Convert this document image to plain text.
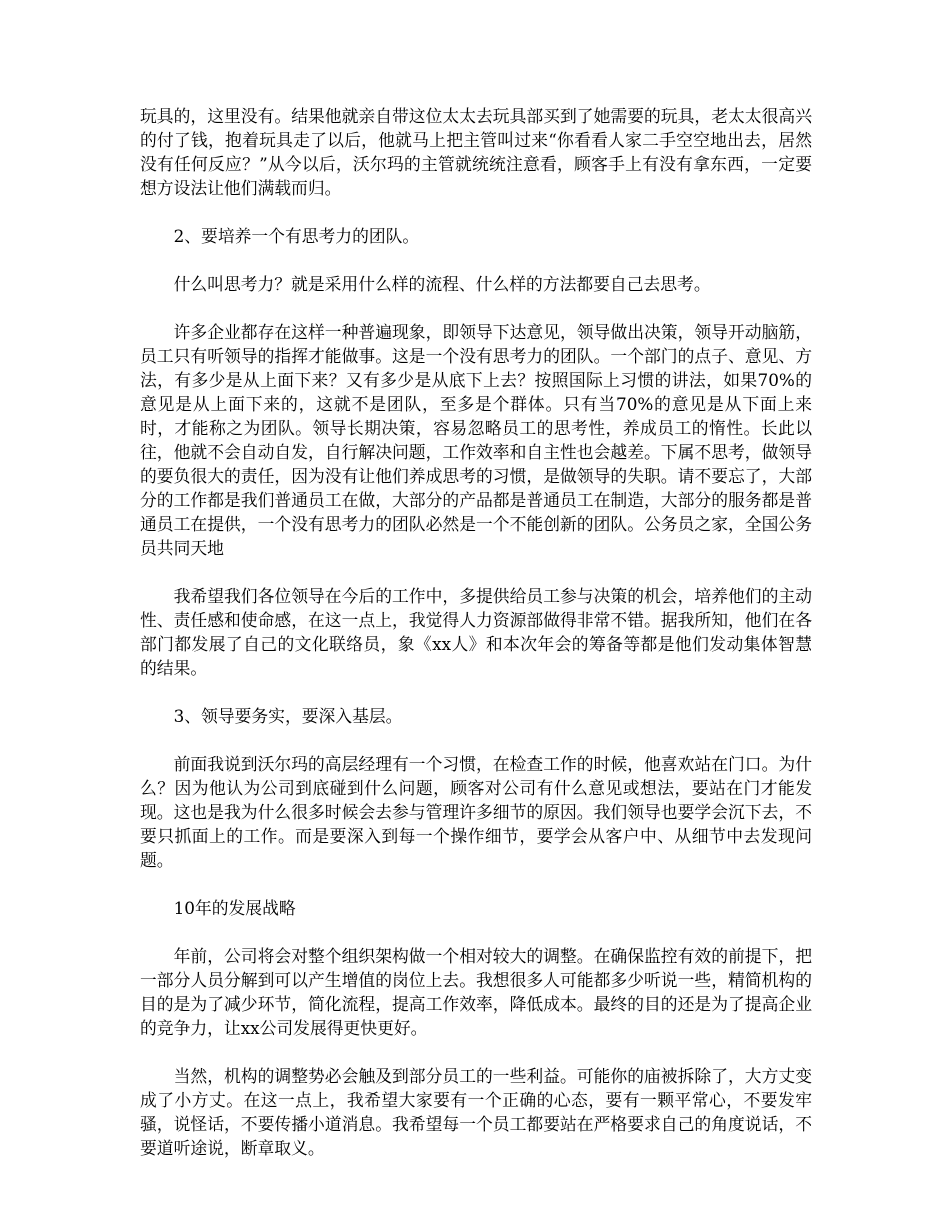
玩具的，这里没有。结果他就亲自带这位太太去玩具部买到了她需要的玩具，老太太很高兴的付了钱，抱着玩具走了以后，他就马上把主管叫过来“你看看人家二手空空地出去，居然没有任何反应？”从今以后，沃尔玛的主管就统统注意看，顾客手上有没有拿东西，一定要想方设法让他们满载而归。

2、要培养一个有思考力的团队。

什么叫思考力？就是采用什么样的流程、什么样的方法都要自己去思考。

许多企业都存在这样一种普遍现象，即领导下达意见，领导做出决策，领导开动脑筋，员工只有听领导的指挥才能做事。这是一个没有思考力的团队。一个部门的点子、意见、方法，有多少是从上面下来？又有多少是从底下上去？按照国际上习惯的讲法，如果70%的意见是从上面下来的，这就不是团队，至多是个群体。只有当70%的意见是从下面上来时，才能称之为团队。领导长期决策，容易忽略员工的思考性，养成员工的惰性。长此以往，他就不会自动自发，自行解决问题，工作效率和自主性也会越差。下属不思考，做领导的要负很大的责任，因为没有让他们养成思考的习惯，是做领导的失职。请不要忘了，大部分的工作都是我们普通员工在做，大部分的产品都是普通员工在制造，大部分的服务都是普通员工在提供，一个没有思考力的团队必然是一个不能创新的团队。公务员之家，全国公务员共同天地

我希望我们各位领导在今后的工作中，多提供给员工参与决策的机会，培养他们的主动性、责任感和使命感，在这一点上，我觉得人力资源部做得非常不错。据我所知，他们在各部门都发展了自己的文化联络员，象《xx人》和本次年会的筹备等都是他们发动集体智慧的结果。

3、领导要务实，要深入基层。

前面我说到沃尔玛的高层经理有一个习惯，在检查工作的时候，他喜欢站在门口。为什么？因为他认为公司到底碰到什么问题，顾客对公司有什么意见或想法，要站在门才能发现。这也是我为什么很多时候会去参与管理许多细节的原因。我们领导也要学会沉下去，不要只抓面上的工作。而是要深入到每一个操作细节，要学会从客户中、从细节中去发现问题。

10年的发展战略

年前，公司将会对整个组织架构做一个相对较大的调整。在确保监控有效的前提下，把一部分人员分解到可以产生增值的岗位上去。我想很多人可能都多少听说一些，精简机构的目的是为了减少环节，简化流程，提高工作效率，降低成本。最终的目的还是为了提高企业的竞争力，让xx公司发展得更快更好。

当然，机构的调整势必会触及到部分员工的一些利益。可能你的庙被拆除了，大方丈变成了小方丈。在这一点上，我希望大家要有一个正确的心态，要有一颗平常心，不要发牢骚，说怪话，不要传播小道消息。我希望每一个员工都要站在严格要求自己的角度说话，不要道听途说，断章取义。
